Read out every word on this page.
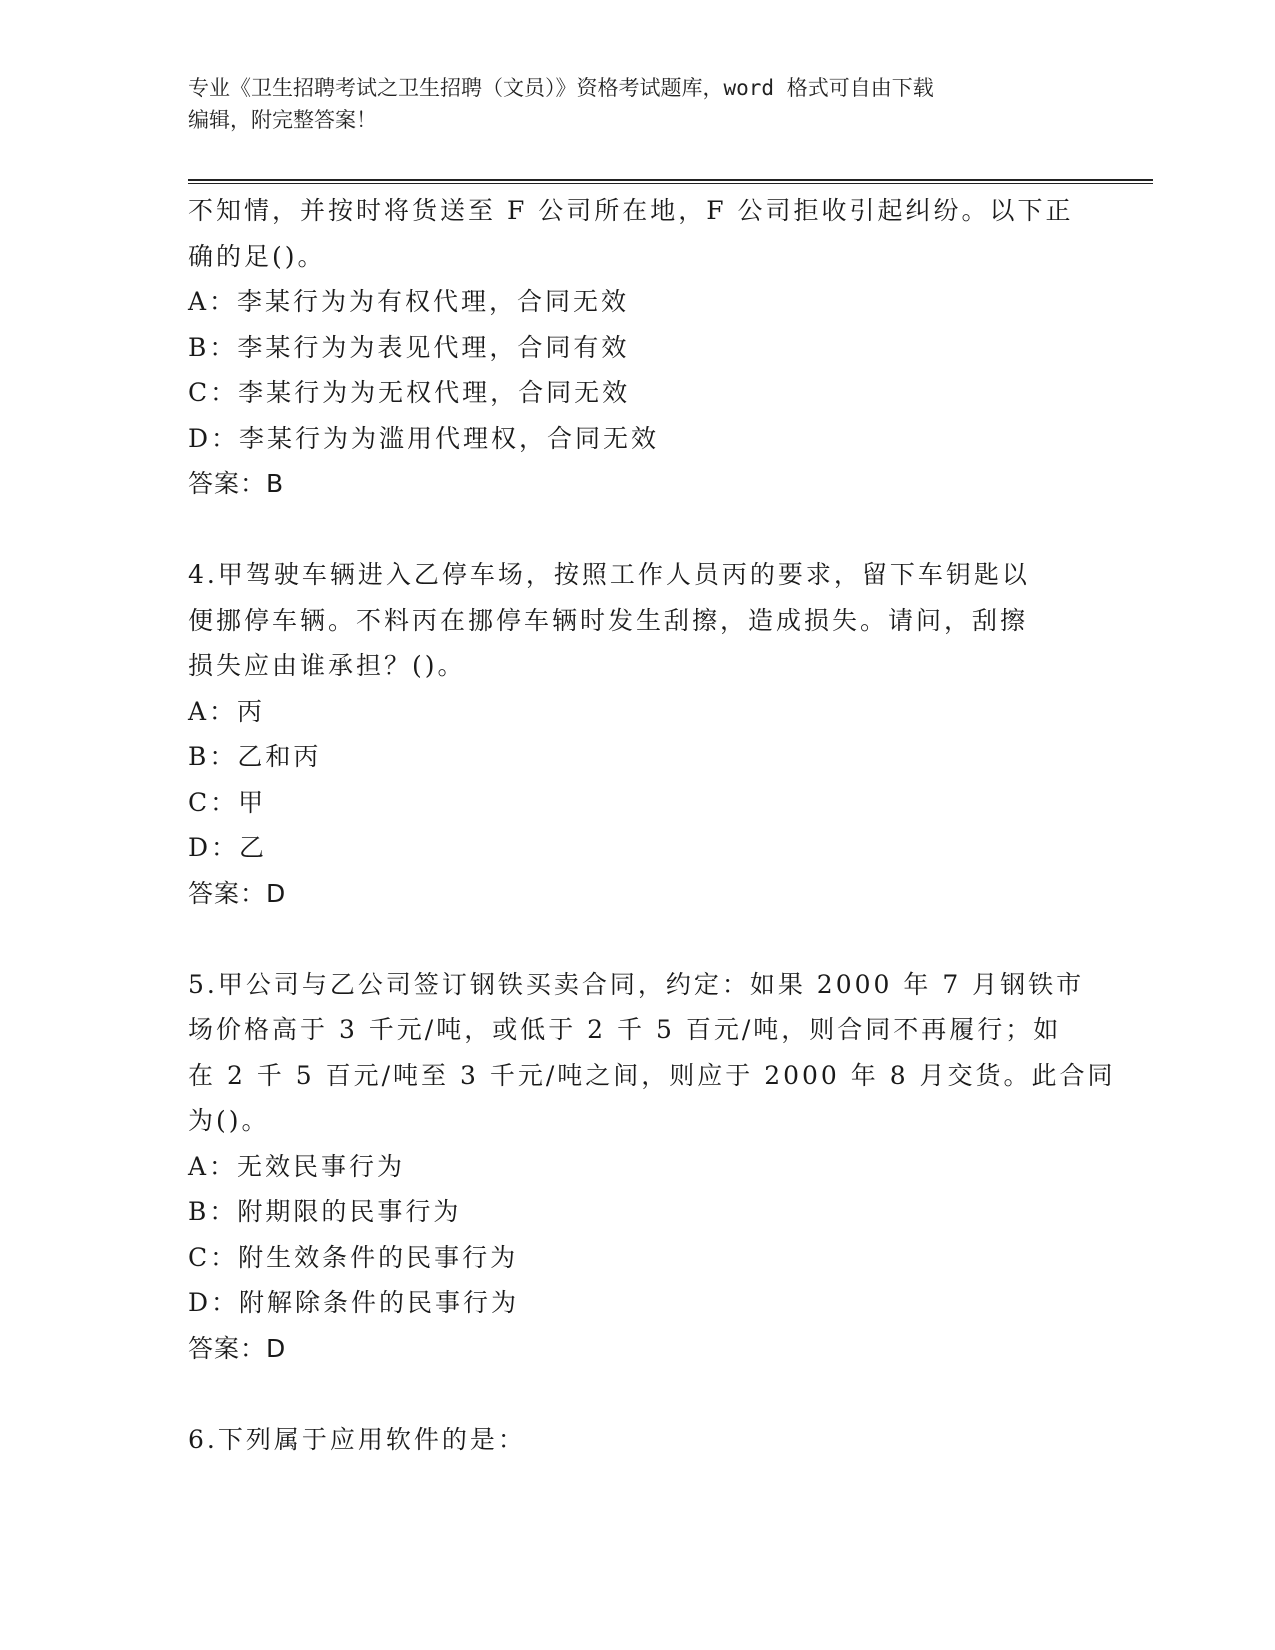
专业《卫生招聘考试之卫生招聘（文员）》资格考试题库，word 格式可自由下载
编辑，附完整答案！
不知情，并按时将货送至 F 公司所在地，F 公司拒收引起纠纷。以下正
确的足()。
A：李某行为为有权代理，合同无效
B：李某行为为表见代理，合同有效
C：李某行为为无权代理，合同无效
D：李某行为为滥用代理权，合同无效
答案：B
4.甲驾驶车辆进入乙停车场，按照工作人员丙的要求，留下车钥匙以
便挪停车辆。不料丙在挪停车辆时发生刮擦，造成损失。请问，刮擦
损失应由谁承担？()。
A：丙
B：乙和丙
C：甲
D：乙
答案：D
5.甲公司与乙公司签订钢铁买卖合同，约定：如果 2000 年 7 月钢铁市
场价格高于 3 千元/吨，或低于 2 千 5 百元/吨，则合同不再履行；如
在 2 千 5 百元/吨至 3 千元/吨之间，则应于 2000 年 8 月交货。此合同
为()。
A：无效民事行为
B：附期限的民事行为
C：附生效条件的民事行为
D：附解除条件的民事行为
答案：D
6.下列属于应用软件的是：
